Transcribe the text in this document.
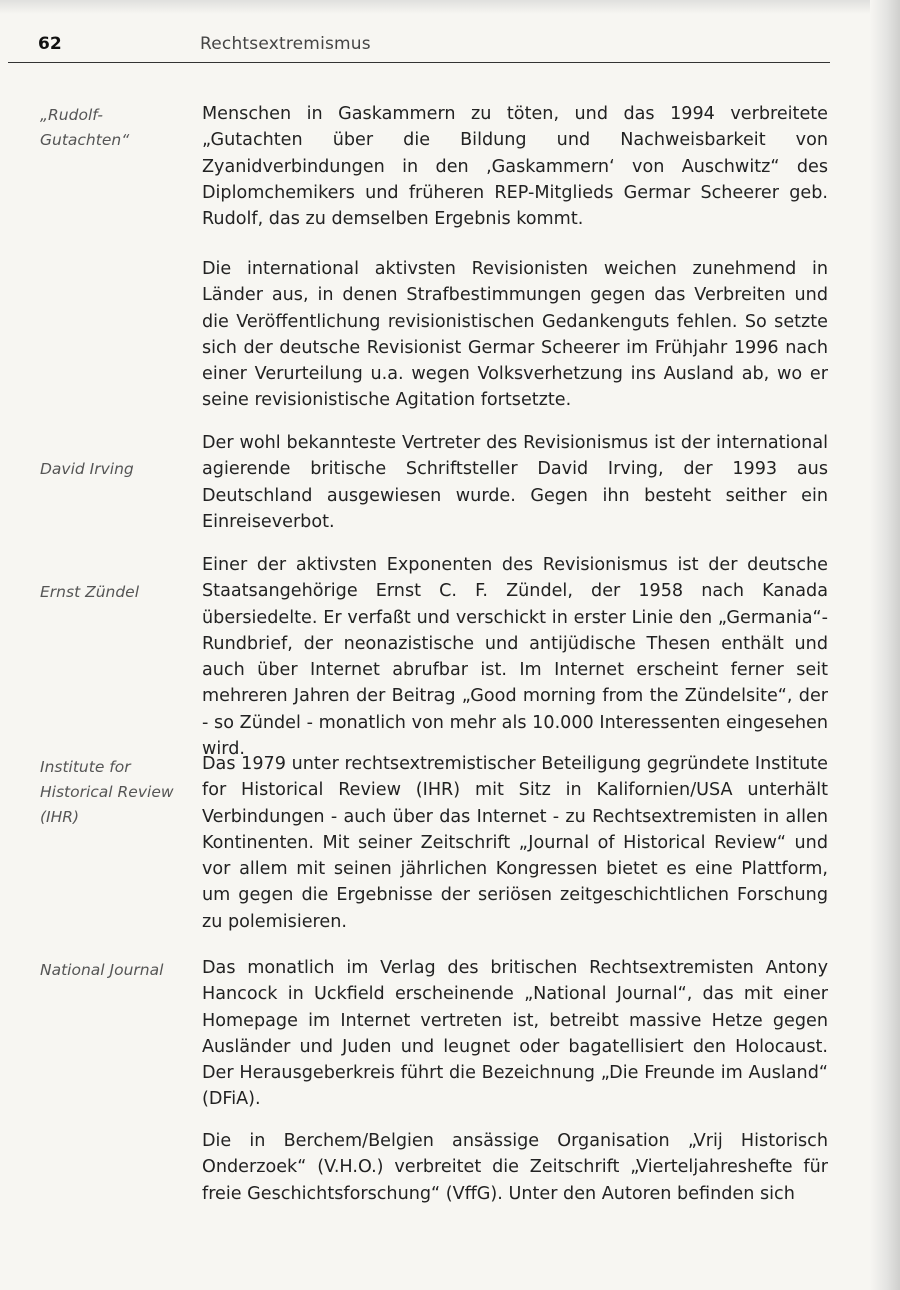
62	Rechtsextremismus
„Rudolf-Gutachten“
Menschen in Gaskammern zu töten, und das 1994 verbreitete „Gutachten über die Bildung und Nachweisbarkeit von Zyanidverbindungen in den ‚Gaskammern‘ von Auschwitz“ des Diplomchemikers und früheren REP-Mitglieds Germar Scheerer geb. Rudolf, das zu demselben Ergebnis kommt.
Die international aktivsten Revisionisten weichen zunehmend in Länder aus, in denen Strafbestimmungen gegen das Verbreiten und die Veröffentlichung revisionistischen Gedankenguts fehlen. So setzte sich der deutsche Revisionist Germar Scheerer im Frühjahr 1996 nach einer Verurteilung u.a. wegen Volksverhetzung ins Ausland ab, wo er seine revisionistische Agitation fortsetzte.
David Irving
Der wohl bekannteste Vertreter des Revisionismus ist der international agierende britische Schriftsteller David Irving, der 1993 aus Deutschland ausgewiesen wurde. Gegen ihn besteht seither ein Einreiseverbot.
Ernst Zündel
Einer der aktivsten Exponenten des Revisionismus ist der deutsche Staatsangehörige Ernst C. F. Zündel, der 1958 nach Kanada übersiedelte. Er verfaßt und verschickt in erster Linie den „Germania“-Rundbrief, der neonazistische und antijüdische Thesen enthält und auch über Internet abrufbar ist. Im Internet erscheint ferner seit mehreren Jahren der Beitrag „Good morning from the Zündelsite“, der - so Zündel - monatlich von mehr als 10.000 Interessenten eingesehen wird.
Institute for Historical Review (IHR)
Das 1979 unter rechtsextremistischer Beteiligung gegründete Institute for Historical Review (IHR) mit Sitz in Kalifornien/USA unterhält Verbindungen - auch über das Internet - zu Rechtsextremisten in allen Kontinenten. Mit seiner Zeitschrift „Journal of Historical Review“ und vor allem mit seinen jährlichen Kongressen bietet es eine Plattform, um gegen die Ergebnisse der seriösen zeitgeschichtlichen Forschung zu polemisieren.
National Journal	Das monatlich im Verlag des britischen Rechtsextremisten Antony Hancock in Uckfield erscheinende „National Journal“, das mit einer Homepage im Internet vertreten ist, betreibt massive Hetze gegen Ausländer und Juden und leugnet oder bagatellisiert den Holocaust. Der Herausgeberkreis führt die Bezeichnung „Die Freunde im Ausland“ (DFiA).
Die in Berchem/Belgien ansässige Organisation „Vrij Historisch Onderzoek“ (V.H.O.) verbreitet die Zeitschrift „Vierteljahreshefte für freie Geschichtsforschung“ (VffG). Unter den Autoren befinden sich
